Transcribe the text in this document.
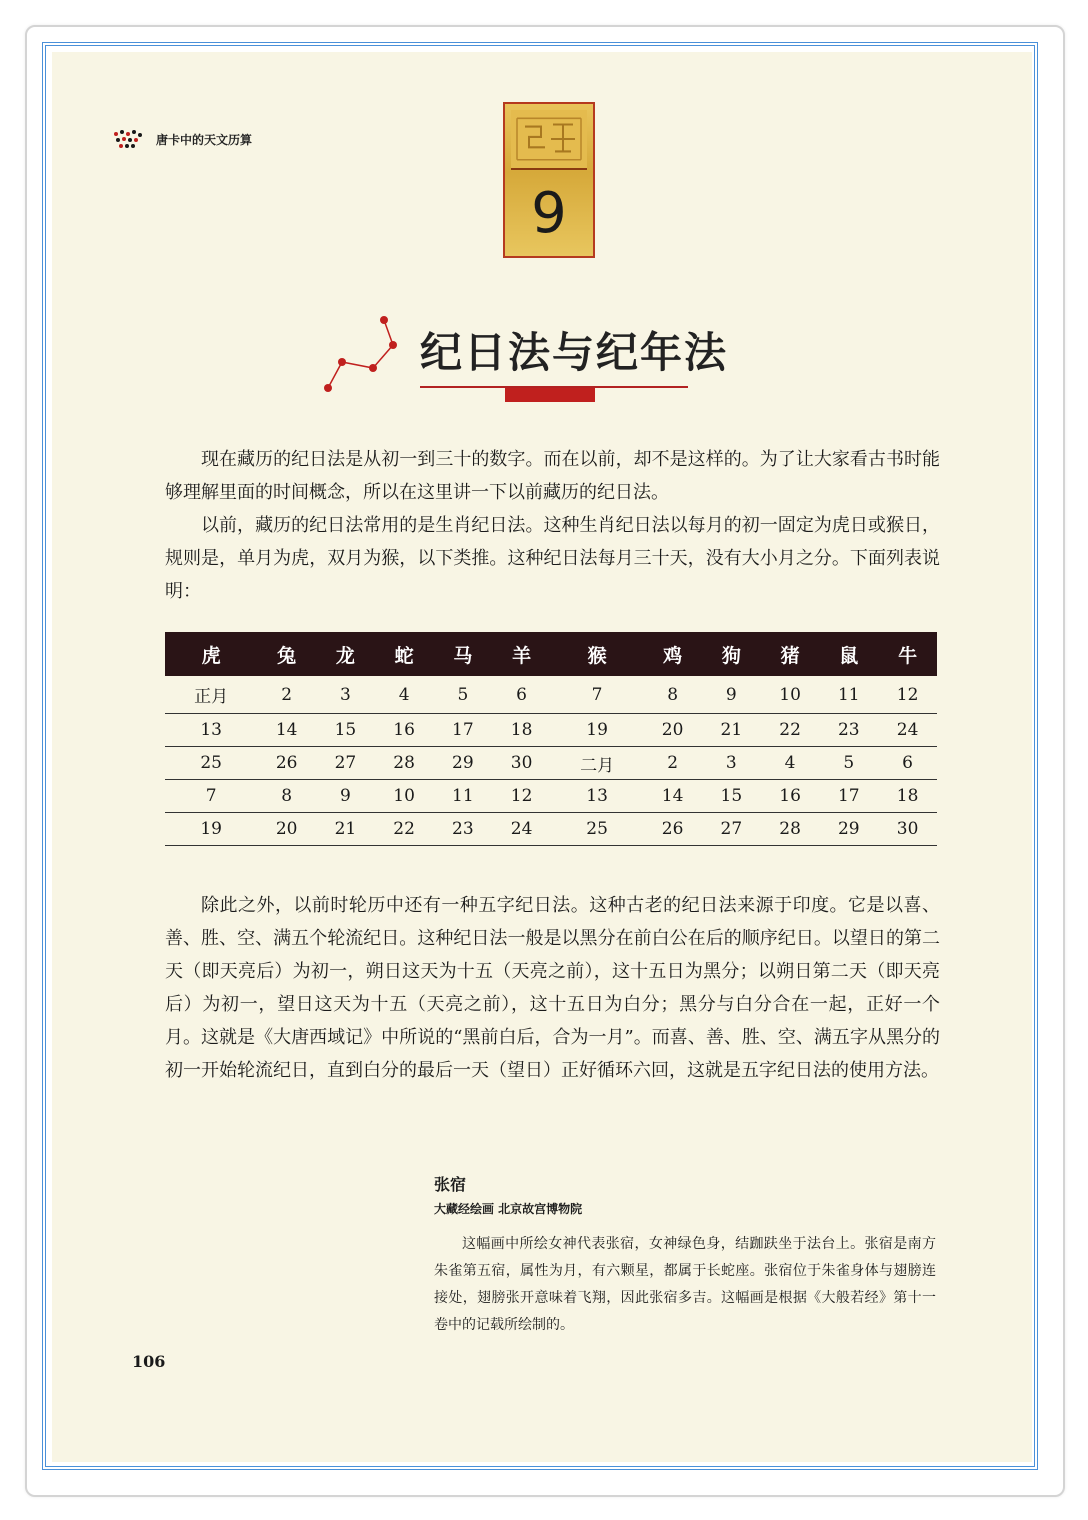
唐卡中的天文历算
9
纪日法与纪年法

现在藏历的纪日法是从初一到三十的数字。而在以前，却不是这样的。为了让大家看古书时能够理解里面的时间概念，所以在这里讲一下以前藏历的纪日法。

以前，藏历的纪日法常用的是生肖纪日法。这种生肖纪日法以每月的初一固定为虎日或猴日，规则是，单月为虎，双月为猴，以下类推。这种纪日法每月三十天，没有大小月之分。下面列表说明：

虎	兔	龙	蛇	马	羊	猴	鸡	狗	猪	鼠	牛
正月	2	3	4	5	6	7	8	9	10	11	12
13	14	15	16	17	18	19	20	21	22	23	24
25	26	27	28	29	30	二月	2	3	4	5	6
7	8	9	10	11	12	13	14	15	16	17	18
19	20	21	22	23	24	25	26	27	28	29	30

除此之外，以前时轮历中还有一种五字纪日法。这种古老的纪日法来源于印度。它是以喜、善、胜、空、满五个轮流纪日。这种纪日法一般是以黑分在前白公在后的顺序纪日。以望日的第二天（即天亮后）为初一，朔日这天为十五（天亮之前），这十五日为黑分；以朔日第二天（即天亮后）为初一，望日这天为十五（天亮之前），这十五日为白分；黑分与白分合在一起，正好一个月。这就是《大唐西域记》中所说的“黑前白后，合为一月”。而喜、善、胜、空、满五字从黑分的初一开始轮流纪日，直到白分的最后一天（望日）正好循环六回，这就是五字纪日法的使用方法。

张宿
大藏经绘画 北京故宫博物院

这幅画中所绘女神代表张宿，女神绿色身，结跏趺坐于法台上。张宿是南方朱雀第五宿，属性为月，有六颗星，都属于长蛇座。张宿位于朱雀身体与翅膀连接处，翅膀张开意味着飞翔，因此张宿多吉。这幅画是根据《大般若经》第十一卷中的记载所绘制的。

106
